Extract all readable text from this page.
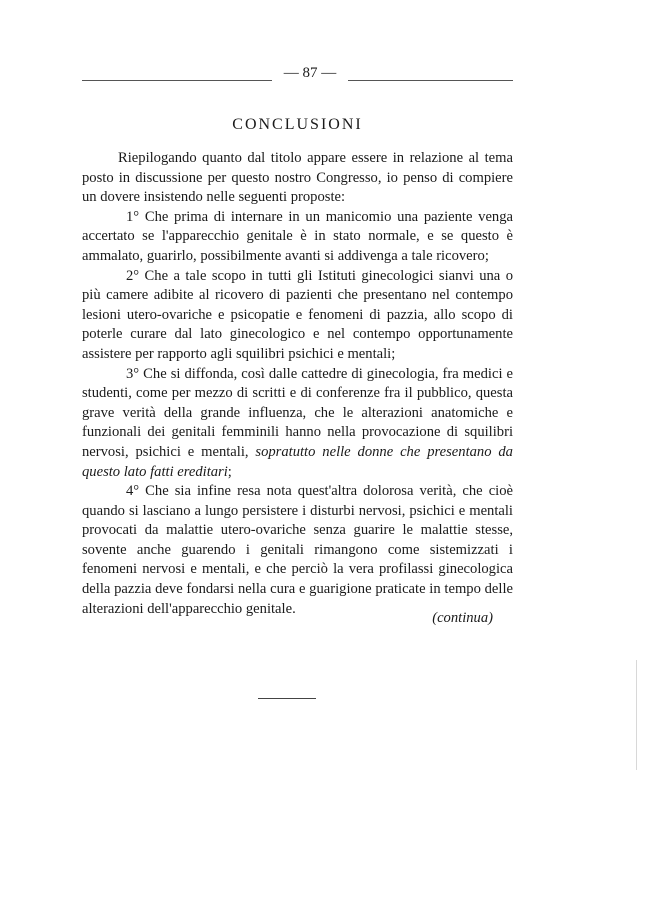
— 87 —
CONCLUSIONI

Riepilogando quanto dal titolo appare essere in relazione al tema posto in discussione per questo nostro Congresso, io penso di compiere un dovere insistendo nelle seguenti proposte:

1° Che prima di internare in un manicomio una paziente venga accertato se l'apparecchio genitale è in stato normale, e se questo è ammalato, guarirlo, possibilmente avanti si addivenga a tale ricovero;

2° Che a tale scopo in tutti gli Istituti ginecologici sianvi una o più camere adibite al ricovero di pazienti che presentano nel contempo lesioni utero-ovariche e psicopatie e fenomeni di pazzia, allo scopo di poterle curare dal lato ginecologico e nel contempo opportunamente assistere per rapporto agli squilibri psichici e mentali;

3° Che si diffonda, così dalle cattedre di ginecologia, fra medici e studenti, come per mezzo di scritti e di conferenze fra il pubblico, questa grave verità della grande influenza, che le alterazioni anatomiche e funzionali dei genitali femminili hanno nella provocazione di squilibri nervosi, psichici e mentali, sopratutto nelle donne che presentano da questo lato fatti ereditari;

4° Che sia infine resa nota quest'altra dolorosa verità, che cioè quando si lasciano a lungo persistere i disturbi nervosi, psichici e mentali provocati da malattie utero-ovariche senza guarire le malattie stesse, sovente anche guarendo i genitali rimangono come sistemizzati i fenomeni nervosi e mentali, e che perciò la vera profilassi ginecologica della pazzia deve fondarsi nella cura e guarigione praticate in tempo delle alterazioni dell'apparecchio genitale.

(continua)
